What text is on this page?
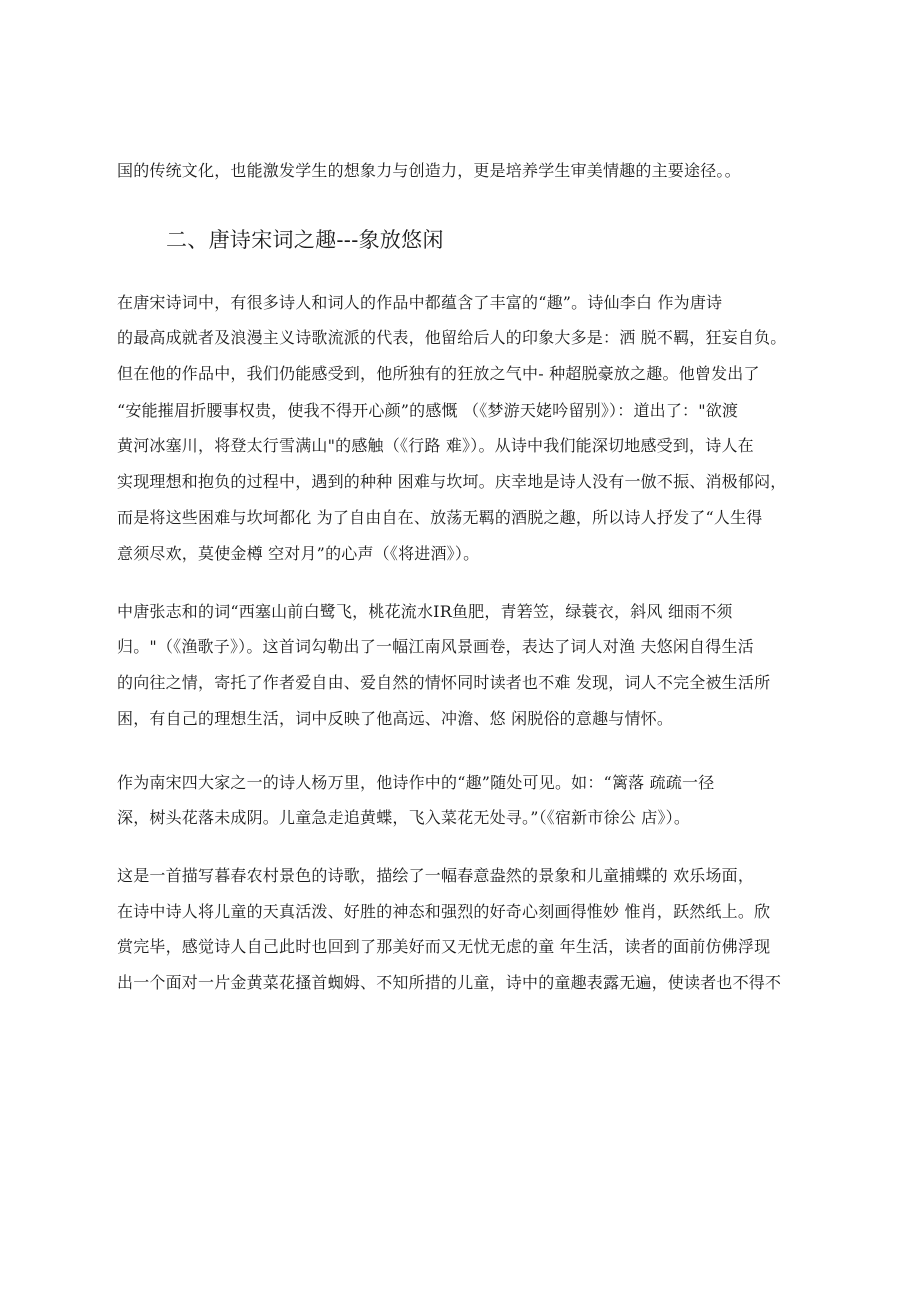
国的传统文化，也能激发学生的想象力与创造力，更是培养学生审美情趣的主要途径。。
二、唐诗宋词之趣---象放悠闲
在唐宋诗词中，有很多诗人和词人的作品中都蕴含了丰富的“趣”。诗仙李白 作为唐诗
的最高成就者及浪漫主义诗歌流派的代表，他留给后人的印象大多是：洒 脱不羁，狂妄自负。
但在他的作品中，我们仍能感受到，他所独有的狂放之气中- 种超脱豪放之趣。他曾发出了
“安能摧眉折腰事权贵，使我不得开心颜”的感慨 （《梦游天姥吟留别》）：道出了："欲渡
黄河冰塞川，将登太行雪满山"的感触（《行路 难》）。从诗中我们能深切地感受到，诗人在
实现理想和抱负的过程中，遇到的种种 困难与坎坷。庆幸地是诗人没有一倣不振、消极郁闷，
而是将这些困难与坎坷都化 为了自由自在、放荡无羁的酒脱之趣，所以诗人抒发了“人生得
意须尽欢，莫使金樽 空对月”的心声（《将进酒》）。
中唐张志和的词“西塞山前白鹭飞，桃花流水IR鱼肥，青箬笠，绿蓑衣，斜风 细雨不须
归。"（《渔歌子》）。这首词勾勒出了一幅江南风景画卷，表达了词人对渔 夫悠闲自得生活
的向往之情，寄托了作者爱自由、爱自然的情怀同时读者也不难 发现，词人不完全被生活所
困，有自己的理想生活，词中反映了他高远、冲澹、悠 闲脱俗的意趣与情怀。
作为南宋四大家之一的诗人杨万里，他诗作中的“趣”随处可见。如：“篱落 疏疏一径
深，树头花落未成阴。儿童急走追黄蝶，飞入菜花无处寻。”（《宿新市徐公 店》）。
这是一首描写暮春农村景色的诗歌，描绘了一幅春意盎然的景象和儿童捕蝶的 欢乐场面，
在诗中诗人将儿童的天真活泼、好胜的神态和强烈的好奇心刻画得惟妙 惟肖，跃然纸上。欣
赏完毕，感觉诗人自己此时也回到了那美好而又无忧无虑的童 年生活，读者的面前仿佛浮现
出一个面对一片金黄菜花搔首蜘姆、不知所措的儿童，诗中的童趣表露无遍，使读者也不得不
